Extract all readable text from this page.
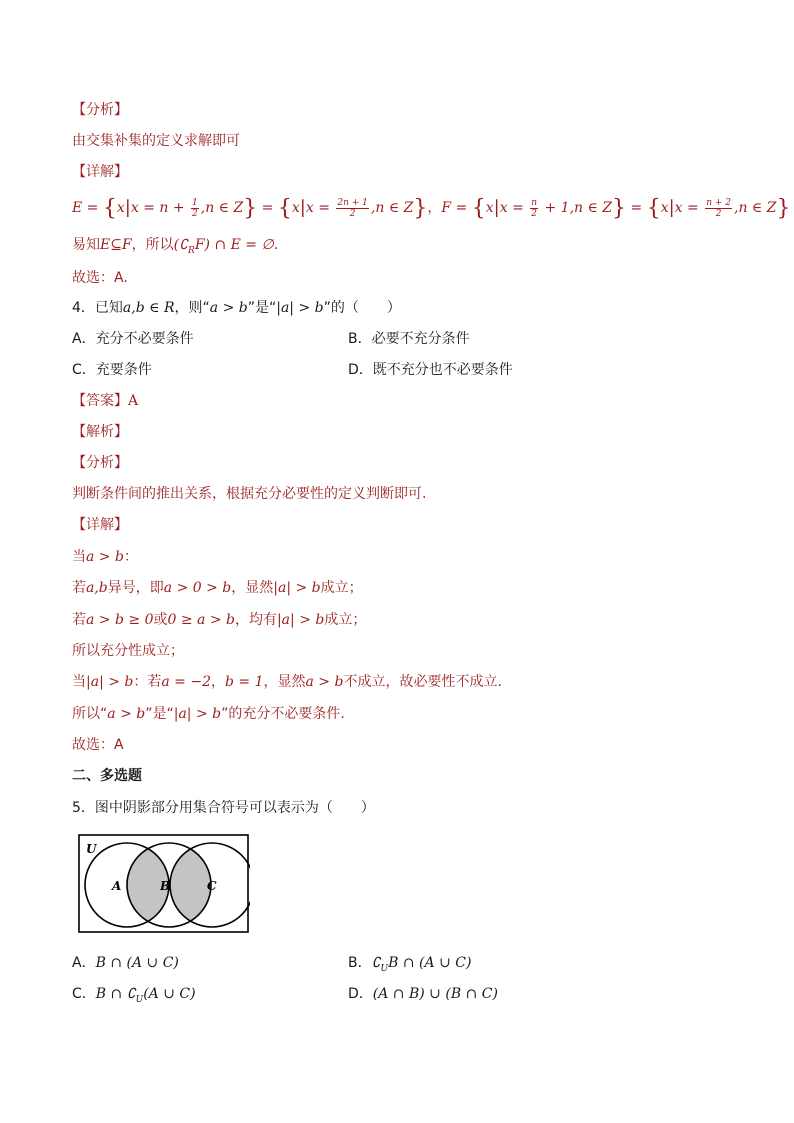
【分析】
由交集补集的定义求解即可
【详解】
$E = \{x|x = n + \frac{1}{2} ,n$ ∈ $Z\} = \{x|x = \frac{2n + 1}{2} ,n$ ∈ Z}，$F = \{x|x = \frac{n}{2} + 1,n$ ∈ $Z\} = \{x|x = \frac{n + 2}{2} ,n$ ∈ Z}
易知E⊆F，所以$(∁_RF)$ ∩ E = ∅.
故选：A.
4．已知a,b ∈ R，则“a > b”是“|a| > b”的（　　）
A．充分不必要条件	B．必要不充分条件
C．充要条件	D．既不充分也不必要条件
【答案】A
【解析】
【分析】
判断条件间的推出关系，根据充分必要性的定义判断即可.
【详解】
当a > b：
若a,b异号，即a > 0 > b，显然|a| > b成立；
若a > b ≥ 0或0 ≥ a > b，均有|a| > b成立；
所以充分性成立；
当|a| > b：若a = −2，b = 1，显然a > b不成立，故必要性不成立.
所以“a > b”是“|a| > b”的充分不必要条件.
故选：A
二、多选题
5．图中阴影部分用集合符号可以表示为（　　）
U
A	B	C
A．B ∩ (A ∪ C)	B．$∁_UB$ ∩ (A ∪ C)
C．B ∩ $∁_U(A$ ∪ C)	D．(A ∩ B) ∪ (B ∩ C)
